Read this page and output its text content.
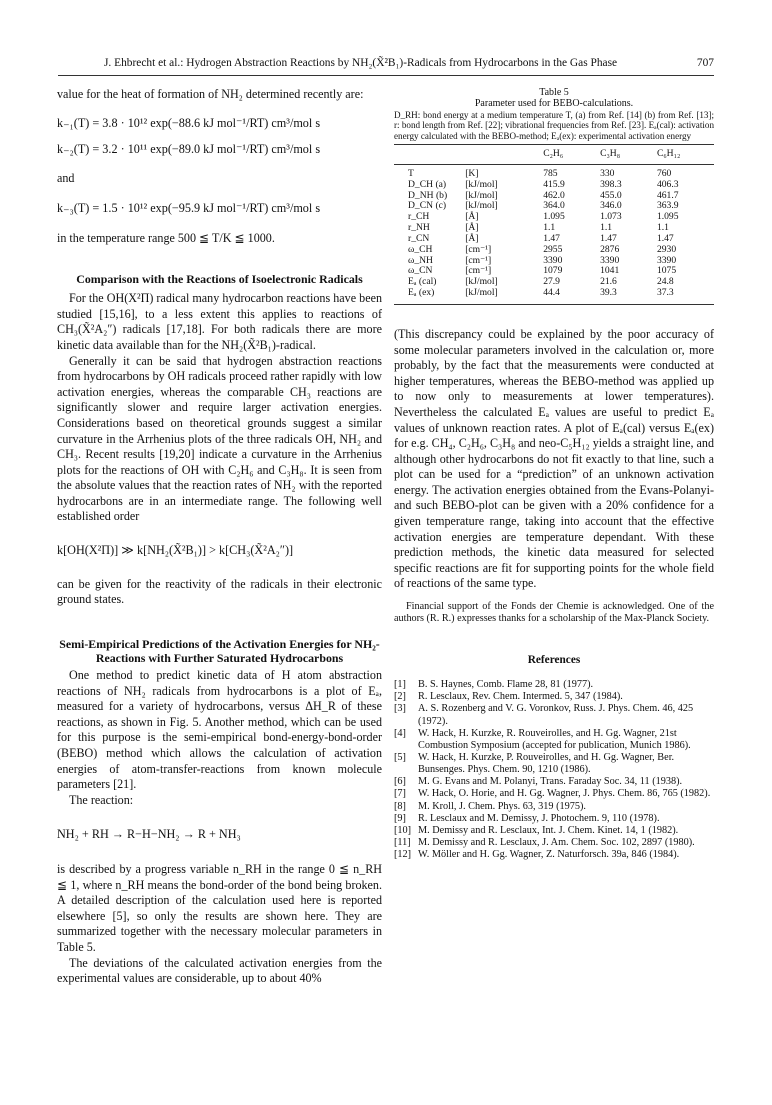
J. Ehbrecht et al.: Hydrogen Abstraction Reactions by NH₂(X̃²B₁)-Radicals from Hydrocarbons in the Gas Phase	707

value for the heat of formation of NH₂ determined recently are:

k₋₁(T) = 3.8 · 10¹² exp(−88.6 kJ mol⁻¹/RT) cm³/mol s

k₋₂(T) = 3.2 · 10¹¹ exp(−89.0 kJ mol⁻¹/RT) cm³/mol s

and

k₋₃(T) = 1.5 · 10¹² exp(−95.9 kJ mol⁻¹/RT) cm³/mol s

in the temperature range 500 ≦ T/K ≦ 1000.

Comparison with the Reactions of Isoelectronic Radicals

For the OH(X²Π) radical many hydrocarbon reactions have been studied [15,16], to a less extent this applies to reactions of CH₃(X̃²A₂″) radicals [17,18]. For both radicals there are more kinetic data available than for the NH₂(X̃²B₁)-radical.

Generally it can be said that hydrogen abstraction reactions from hydrocarbons by OH radicals proceed rather rapidly with low activation energies, whereas the comparable CH₃ reactions are significantly slower and require larger activation energies. Considerations based on theoretical grounds suggest a similar curvature in the Arrhenius plots of the three radicals OH, NH₂ and CH₃. Recent results [19,20] indicate a curvature in the Arrhenius plots for the reactions of OH with C₂H₆ and C₃H₈. It is seen from the absolute values that the reaction rates of NH₂ with the reported hydrocarbons are in an intermediate range. The following well established order

k[OH(X²Π)] ≫ k[NH₂(X̃²B₁)] > k[CH₃(X̃²A₂″)]

can be given for the reactivity of the radicals in their electronic ground states.

Semi-Empirical Predictions of the Activation Energies for NH₂-Reactions with Further Saturated Hydrocarbons

One method to predict kinetic data of H atom abstraction reactions of NH₂ radicals from hydrocarbons is a plot of Eₐ, measured for a variety of hydrocarbons, versus ΔH_R of these reactions, as shown in Fig. 5. Another method, which can be used for this purpose is the semi-empirical bond-energy-bond-order (BEBO) method which allows the calculation of activation energies of atom-transfer-reactions from known molecule parameters [21].

The reaction:

NH₂ + RH → R−H−NH₂ → R + NH₃

is described by a progress variable n_RH in the range 0 ≦ n_RH ≦ 1, where n_RH means the bond-order of the bond being broken. A detailed description of the calculation used here is reported elsewhere [5], so only the results are shown here. They are summarized together with the necessary molecular parameters in Table 5.

The deviations of the calculated activation energies from the experimental values are considerable, up to about 40%

Table 5

Parameter used for BEBO-calculations.

D_RH: bond energy at a medium temperature T, (a) from Ref. [14] (b) from Ref. [13]; r: bond length from Ref. [22]; vibrational frequencies from Ref. [23]. Eₐ(cal): activation energy calculated with the BEBO-method; Eₐ(ex): experimental activation energy

		C₂H₆	C₃H₈	C₆H₁₂
T	[K]	785	330	760
D_CH (a)	[kJ/mol]	415.9	398.3	406.3
D_NH (b)	[kJ/mol]	462.0	455.0	461.7
D_CN (c)	[kJ/mol]	364.0	346.0	363.9
r_CH	[Å]	1.095	1.073	1.095
r_NH	[Å]	1.1	1.1	1.1
r_CN	[Å]	1.47	1.47	1.47
ω_CH	[cm⁻¹]	2955	2876	2930
ω_NH	[cm⁻¹]	3390	3390	3390
ω_CN	[cm⁻¹]	1079	1041	1075
Eₐ (cal)	[kJ/mol]	27.9	21.6	24.8
Eₐ (ex)	[kJ/mol]	44.4	39.3	37.3

(This discrepancy could be explained by the poor accuracy of some molecular parameters involved in the calculation or, more probably, by the fact that the measurements were conducted at higher temperatures, whereas the BEBO-method was applied up to now only to measurements at lower temperatures). Nevertheless the calculated Eₐ values are useful to predict Eₐ values of unknown reaction rates. A plot of Eₐ(cal) versus Eₐ(ex) for e.g. CH₄, C₂H₆, C₃H₈ and neo-C₅H₁₂ yields a straight line, and although other hydrocarbons do not fit exactly to that line, such a plot can be used for a “prediction” of an unknown activation energy. The activation energies obtained from the Evans-Polanyi- and such BEBO-plot can be given with a 20% confidence for a given temperature range, taking into account that the effective activation energies are temperature dependant. With these prediction methods, the kinetic data measured for selected specific reactions are fit for supporting points for the whole field of reactions of the same type.

Financial support of the Fonds der Chemie is acknowledged. One of the authors (R. R.) expresses thanks for a scholarship of the Max-Planck Society.

References

[1]	B. S. Haynes, Comb. Flame 28, 81 (1977).
[2]	R. Lesclaux, Rev. Chem. Intermed. 5, 347 (1984).
[3]	A. S. Rozenberg and V. G. Voronkov, Russ. J. Phys. Chem. 46, 425 (1972).
[4]	W. Hack, H. Kurzke, R. Rouveirolles, and H. Gg. Wagner, 21st Combustion Symposium (accepted for publication, Munich 1986).
[5]	W. Hack, H. Kurzke, P. Rouveirolles, and H. Gg. Wagner, Ber. Bunsenges. Phys. Chem. 90, 1210 (1986).
[6]	M. G. Evans and M. Polanyi, Trans. Faraday Soc. 34, 11 (1938).
[7]	W. Hack, O. Horie, and H. Gg. Wagner, J. Phys. Chem. 86, 765 (1982).
[8]	M. Kroll, J. Chem. Phys. 63, 319 (1975).
[9]	R. Lesclaux and M. Demissy, J. Photochem. 9, 110 (1978).
[10] M. Demissy and R. Lesclaux, Int. J. Chem. Kinet. 14, 1 (1982).
[11] M. Demissy and R. Lesclaux, J. Am. Chem. Soc. 102, 2897 (1980).
[12] W. Möller and H. Gg. Wagner, Z. Naturforsch. 39a, 846 (1984).
